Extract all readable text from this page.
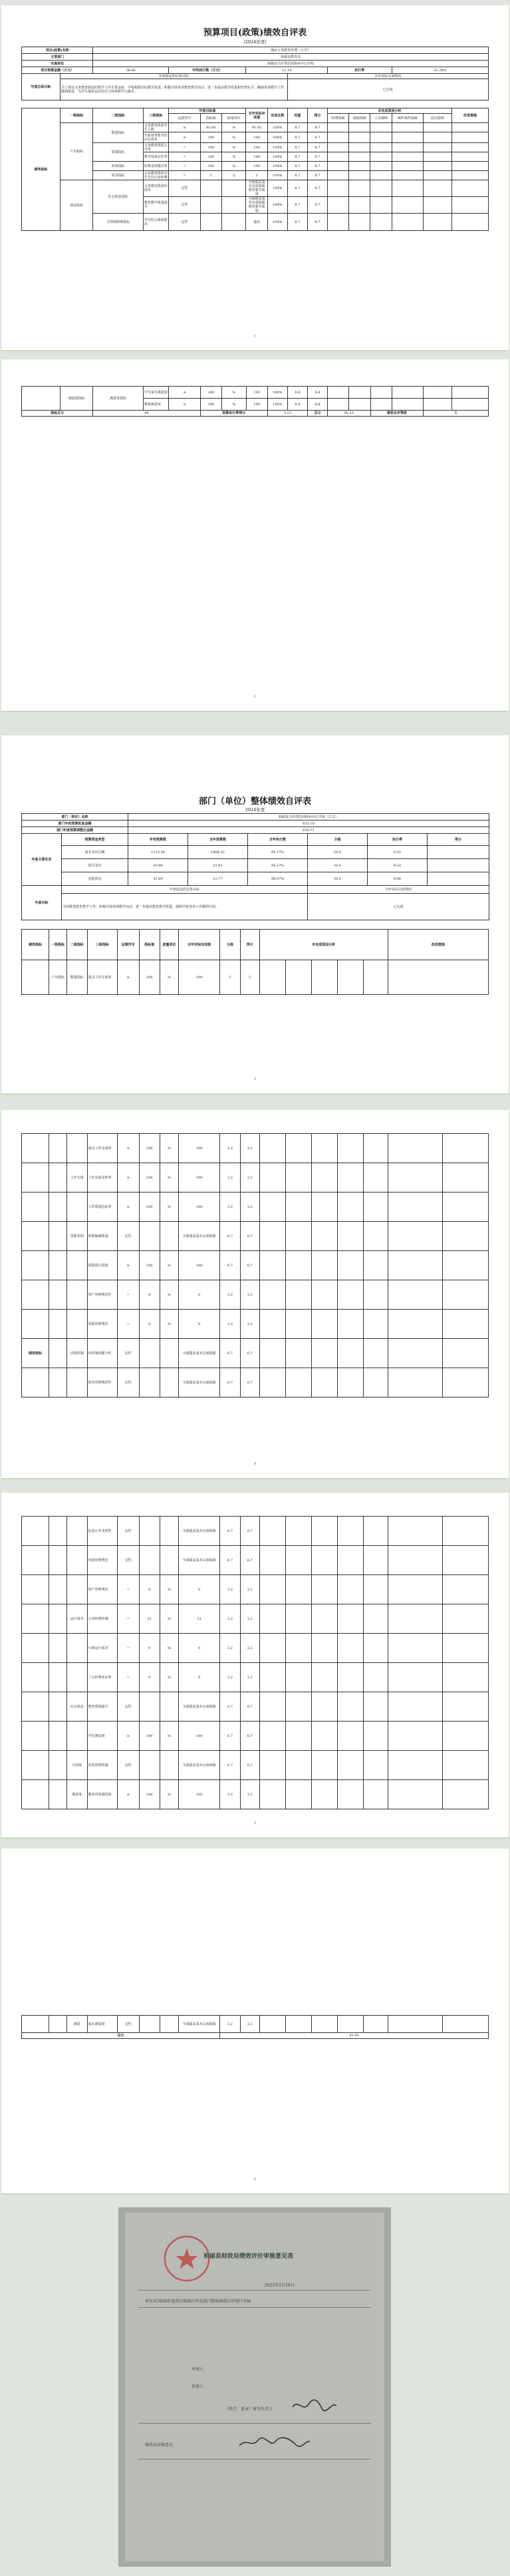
预算项目(政策)绩效自评表
(2024年度)
项目(政策)名称		城乡义务教育经费（小学）					
主管部门		和硕县教育局					
实施单位		和硕县乌什塔拉回族乡中心学校					
项目预算金额（万元）		38.82	年终执行数（万元）	12.14		执行率	31.28%
年度总体目标	年初设定的总体目标				全年实际完成情况		
	为了保证义务教育阶段的教学工作正常运转，学校根据实际教学需求，积极开展各项教育教学活动，进一步提高教学质量和管理水平，确保各项教学工作顺利推进，为学生提供良好的学习环境和学习条件。				已完成		
绩效指标	一级指标	二级指标	三级指标	年度目标值			全年实际完成值	完成比例	权重	得分	未完成原因分析					改进措施
				运算符号	指标值	度量单位					经费保障	制度保障	人员保障	硬件条件保障	原因说明	
	产出指标	数量指标	义务教育阶段学生人数	≥	91.83	%	91.83	100%	8.7	8.7						
			开展各类教学活动完成率	≥	100	%	100	100%	8.7	8.7						
		质量指标	义务教育阶段入学率	=	100	%	100	100%	8.7	8.7						
			教学设备完好率	=	100	%	100	100%	8.7	8.7						
		时效指标	经费及时拨付率	=	100	%	100	100%	8.7	8.7						
		成本指标	义务教育阶段学生生均公用经费	=	1	元	1	100%	8.7	8.7						
	效益指标	社会效益指标	义务教育阶段巩固率	定性			全面提高基本完成保障教育教学质量	100%	8.7	8.7						
			教育教学质量提升	定性			全面提高基本完成保障教育教学质量	100%	8.7	8.7						
		可持续影响指标	学生综合素质提高	定性			提高	100%	8.7	8.7						
1
	满意度指标	满意度指标	学生家长满意度	≥	100	%	100	100%	8.8	8.8						
			教师满意度	≥	100	%	100	100%	8.8	8.8						
指标总分		90			预算执行率得分			3.13		总分	93.13		绩效自评等级		优	
2
部门（单位）整体绩效自评表
2024年度
部门（单位）名称		和硕县乌什塔拉回族乡中心学校（汇总）					
部门年初预算批复金额		633.10					
部门年度预算调整后金额		659.71					
年度主要任务	预算资金类型	年初预算数	全年预算数	全年执行数	分值	执行率	得分
	基本支出总额	1113.38	1908.32	95.17%	10.0	9.52	
	项目支出	20.99	21.81	95.17%	10.0	9.52	
	其他资金	31.09	21.77	98.97%	10.0	9.90	
年度目标	年初设定的总体目标				全年实际完成情况		
	全面推进教育教学工作，积极开展各项教学活动，进一步提高教育教学质量，保障学校各项工作顺利开展。				已完成		
绩效指标	一级指标	二级指标	三级指标	运算符号	指标值	度量单位	全年实际完成值	分值	得分	未完成原因分析					改进措施
	产出指标	数量指标	重点工作完成率	≥	100	%	100	5	5						
3
			重点工作完成率	≥	100	%	100	3.2	3.2							
		工作完成	工作完成及时率	≥	100	%	100	3.2	3.2							
			工作质量达标率	≥	100	%	100	3.2	3.2							
		预算管理	预算编制质量	定性			全面提高基本完成保障	6.7	6.7							
			预算执行进度	≥	100	%	100	6.7	6.7							
			资产管理规范性	=	0	%	0	3.2	3.2							
			采购管理规范	=	0	%	0	3.2	3.2							
绩效指标		内部控制	内控制度健全性	定性			全面提高基本完成保障	6.7	6.7							
			财务管理规范性	定性			全面提高基本完成保障	6.7	6.7							
4
			信息公开及时性	定性			全面提高基本完成保障	6.7	6.7							
			内部管理规范	定性			全面提高基本完成保障	6.7	6.7							
			资产管理规范	=	0	%	0	3.2	3.2							
		运行成本	公用经费控制	=	21	%	21	3.2	3.2							
			行政运行成本	=	0	%	0	3.2	3.2							
			三公经费变动率	=	0	%	0	3.2	3.2							
		社会效益	教育质量提升	定性			全面提高基本完成保障	6.7	6.7							
			学生满意度	≥	100	%	100	6.7	6.7							
		可持续	长效管理机制	定性			全面提高基本完成保障	6.7	6.7							
		满意度	服务对象满意度	≥	100	%	100	3.2	3.2							
5
		满意	家长满意度	定性			全面提高基本完成保障	3.2	3.2							
总分								91.92								
6
和硕县财政局绩效评价审核意见表
2025年2月18日
单位对2024年度项目绩效自评及部门整体绩效自评进行审核
审核人
复核人
（签字、盖章）财务负责人
财政局审核意见
